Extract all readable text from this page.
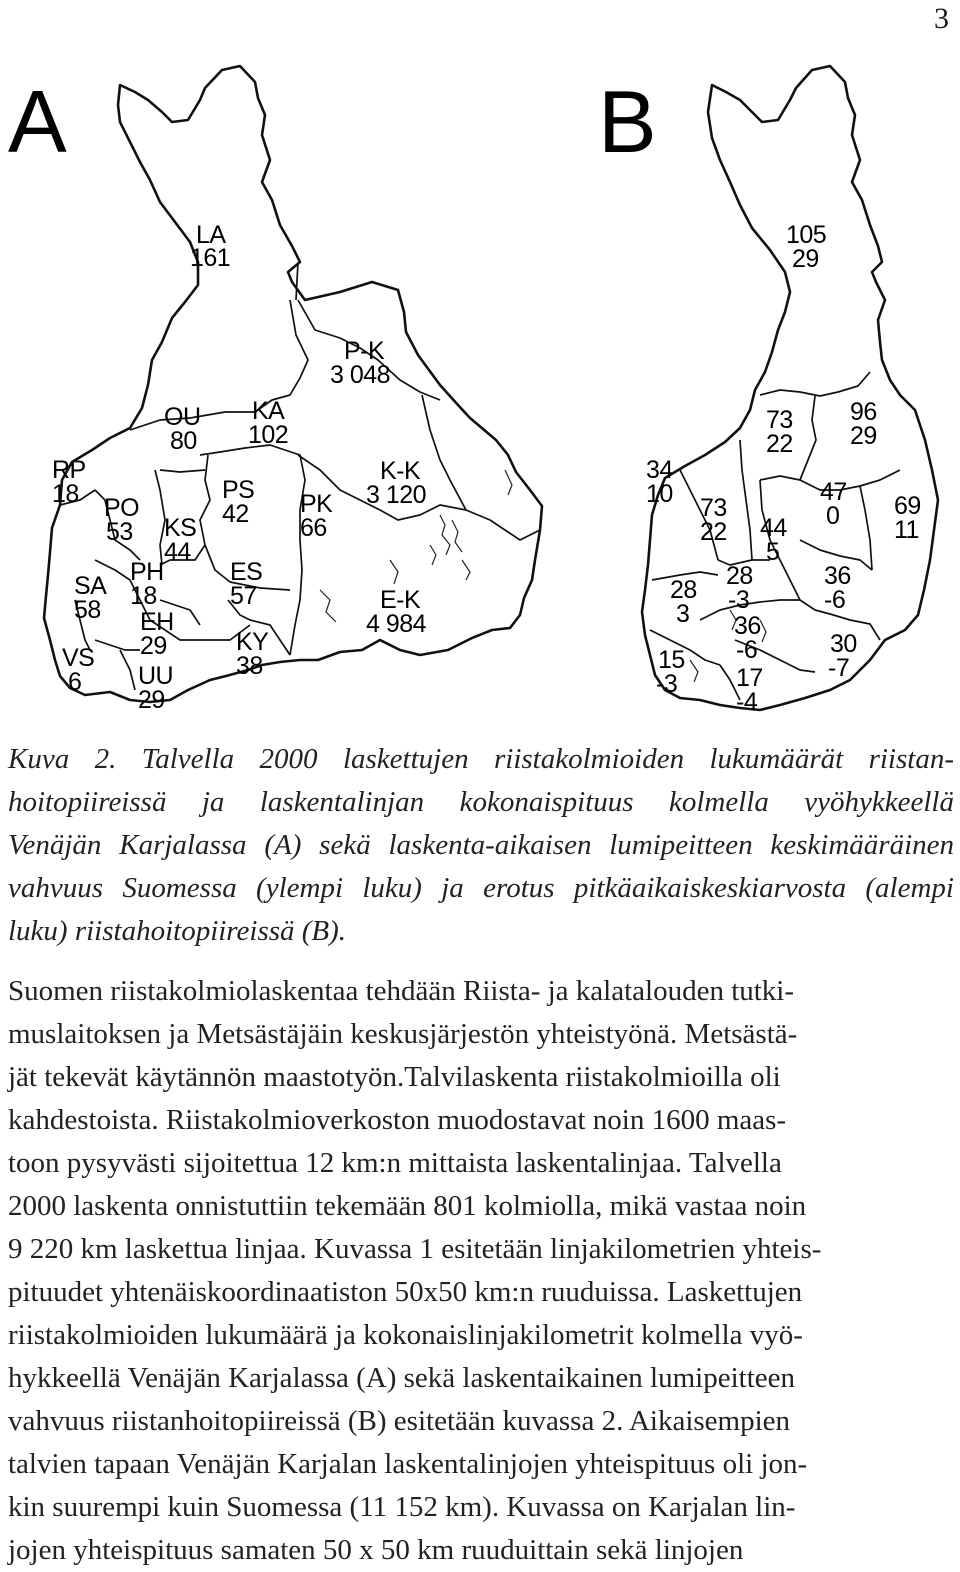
3
A
LA
161
OU
80
KA
102
P-K
3 048
RP
18 PO
53 KS
44
PS
42 PK
66
K-K
3 120
PH
18
SA
58
ES
57
EH
29
E-K
4 984
KY
38
VS
6 UU
29
B
105
29
73
22
96
29
34
10 73
22
47
0 69
11
44
5
28
-3
36
-6
28
3 36
-6	30
-7
15
-3 17
-4
Kuva 2. Talvella 2000 laskettujen riistakolmioiden lukumäärät riistan-
hoitopiireissä ja laskentalinjan kokonaispituus kolmella vyöhykkeellä
Venäjän Karjalassa (A) sekä laskenta-aikaisen lumipeitteen keskimääräinen
vahvuus Suomessa (ylempi luku) ja erotus pitkäaikaiskeskiarvosta (alempi
luku) riistahoitopiireissä (B).
Suomen riistakolmiolaskentaa tehdään Riista- ja kalatalouden tutki-
muslaitoksen ja Metsästäjäin keskusjärjestön yhteistyönä. Metsästä-
jät tekevät käytännön maastotyön.Talvilaskenta riistakolmioilla oli
kahdestoista. Riistakolmioverkoston muodostavat noin 1600 maas-
toon pysyvästi sijoitettua 12 km:n mittaista laskentalinjaa. Talvella
2000 laskenta onnistuttiin tekemään 801 kolmiolla, mikä vastaa noin
9 220 km laskettua linjaa. Kuvassa 1 esitetään linjakilometrien yhteis-
pituudet yhtenäiskoordinaatiston 50x50 km:n ruuduissa. Laskettujen
riistakolmioiden lukumäärä ja kokonaislinjakilometrit kolmella vyö-
hykkeellä Venäjän Karjalassa (A) sekä laskentaikainen lumipeitteen
vahvuus riistanhoitopiireissä (B) esitetään kuvassa 2. Aikaisempien
talvien tapaan Venäjän Karjalan laskentalinjojen yhteispituus oli jon-
kin suurempi kuin Suomessa (11 152 km). Kuvassa on Karjalan lin-
jojen yhteispituus samaten 50 x 50 km ruuduittain sekä linjojen
